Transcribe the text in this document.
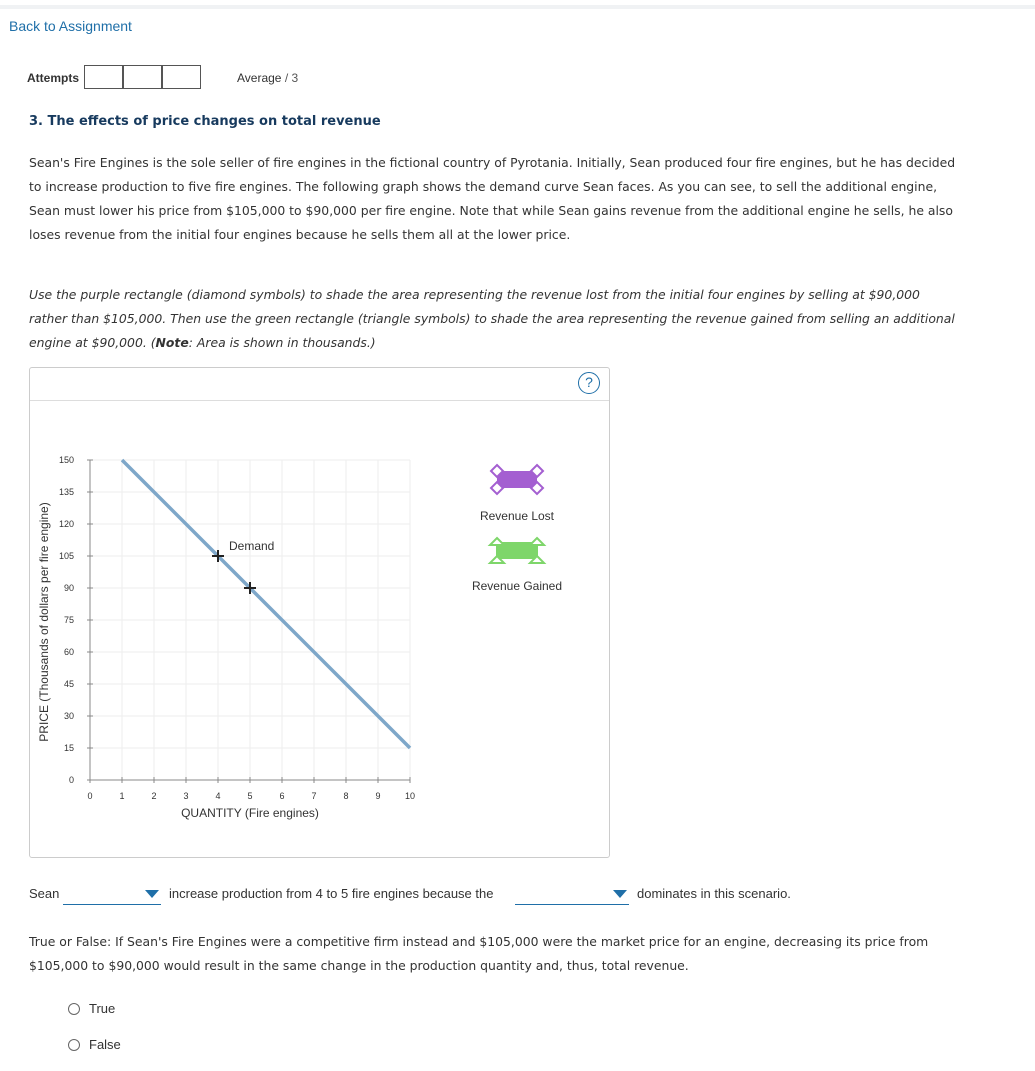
Back to Assignment
Attempts	Average / 3
3. The effects of price changes on total revenue
Sean's Fire Engines is the sole seller of fire engines in the fictional country of Pyrotania. Initially, Sean produced four fire engines, but he has decided to increase production to five fire engines. The following graph shows the demand curve Sean faces. As you can see, to sell the additional engine, Sean must lower his price from $105,000 to $90,000 per fire engine. Note that while Sean gains revenue from the additional engine he sells, he also loses revenue from the initial four engines because he sells them all at the lower price.
Use the purple rectangle (diamond symbols) to shade the area representing the revenue lost from the initial four engines by selling at $90,000 rather than $105,000. Then use the green rectangle (triangle symbols) to shade the area representing the revenue gained from selling an additional engine at $90,000. (Note: Area is shown in thousands.)
?
0	1	2	3	4	5	6	7	8	9	10
0
15
30
45
60
75
90
105
120
135
150
Demand
QUANTITY (Fire engines)
PRICE (Thousands of dollars per fire engine)	Revenue Lost
Revenue Gained
Sean	increase production from 4 to 5 fire engines because the	dominates in this scenario.
True or False: If Sean's Fire Engines were a competitive firm instead and $105,000 were the market price for an engine, decreasing its price from $105,000 to $90,000 would result in the same change in the production quantity and, thus, total revenue.
True
False
